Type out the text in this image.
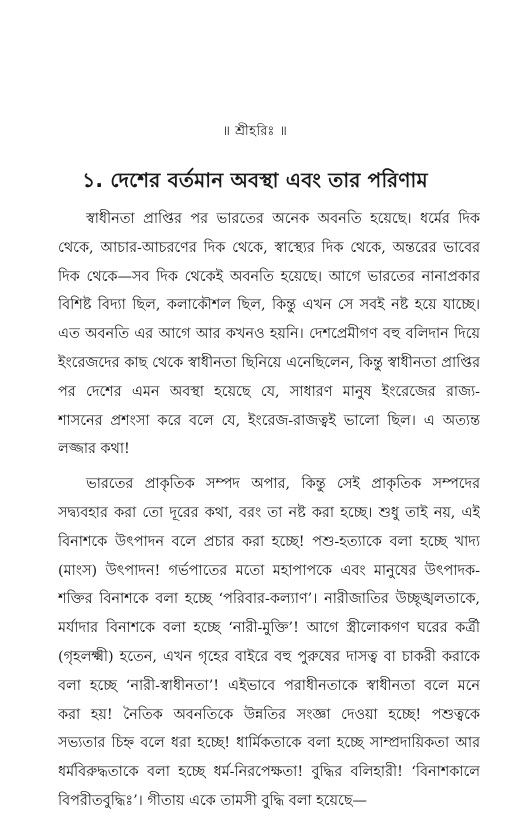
॥ শ্রীহরিঃ ॥
১. দেশের বর্তমান অবস্থা এবং তার পরিণাম
স্বাধীনতা প্রাপ্তির পর ভারতের অনেক অবনতি হয়েছে। ধর্মের দিক
থেকে, আচার-আচরণের দিক থেকে, স্বাস্থ্যের দিক থেকে, অন্তরের ভাবের
দিক থেকে—সব দিক থেকেই অবনতি হয়েছে। আগে ভারতের নানাপ্রকার
বিশিষ্ট বিদ্যা ছিল, কলাকৌশল ছিল, কিন্তু এখন সে সবই নষ্ট হয়ে যাচ্ছে।
এত অবনতি এর আগে আর কখনও হয়নি। দেশপ্রেমীগণ বহু বলিদান দিয়ে
ইংরেজদের কাছ থেকে স্বাধীনতা ছিনিয়ে এনেছিলেন, কিন্তু স্বাধীনতা প্রাপ্তির
পর দেশের এমন অবস্থা হয়েছে যে, সাধারণ মানুষ ইংরেজের রাজ্য-
শাসনের প্রশংসা করে বলে যে, ইংরেজ-রাজত্বই ভালো ছিল। এ অত্যন্ত
লজ্জার কথা!
ভারতের প্রাকৃতিক সম্পদ অপার, কিন্তু সেই প্রাকৃতিক সম্পদের
সদ্ব্যবহার করা তো দূরের কথা, বরং তা নষ্ট করা হচ্ছে। শুধু তাই নয়, এই
বিনাশকে উৎপাদন বলে প্রচার করা হচ্ছে! পশু-হত্যাকে বলা হচ্ছে খাদ্য
(মাংস) উৎপাদন! গর্ভপাতের মতো মহাপাপকে এবং মানুষের উৎপাদক-
শক্তির বিনাশকে বলা হচ্ছে ‘পরিবার-কল্যাণ’। নারীজাতির উচ্ছৃঙ্খলতাকে,
মর্যাদার বিনাশকে বলা হচ্ছে ‘নারী-মুক্তি’! আগে স্ত্রীলোকগণ ঘরের কর্ত্রী
(গৃহলক্ষ্মী) হতেন, এখন গৃহের বাইরে বহু পুরুষের দাসত্ব বা চাকরী করাকে
বলা হচ্ছে ‘নারী-স্বাধীনতা’! এইভাবে পরাধীনতাকে স্বাধীনতা বলে মনে
করা হয়! নৈতিক অবনতিকে উন্নতির সংজ্ঞা দেওয়া হচ্ছে! পশুত্বকে
সভ্যতার চিহ্ন বলে ধরা হচ্ছে! ধার্মিকতাকে বলা হচ্ছে সাম্প্রদায়িকতা আর
ধর্মবিরুদ্ধতাকে বলা হচ্ছে ধর্ম-নিরপেক্ষতা! বুদ্ধির বলিহারী! ‘বিনাশকালে
বিপরীতবুদ্ধিঃ’। গীতায় একে তামসী বুদ্ধি বলা হয়েছে—
